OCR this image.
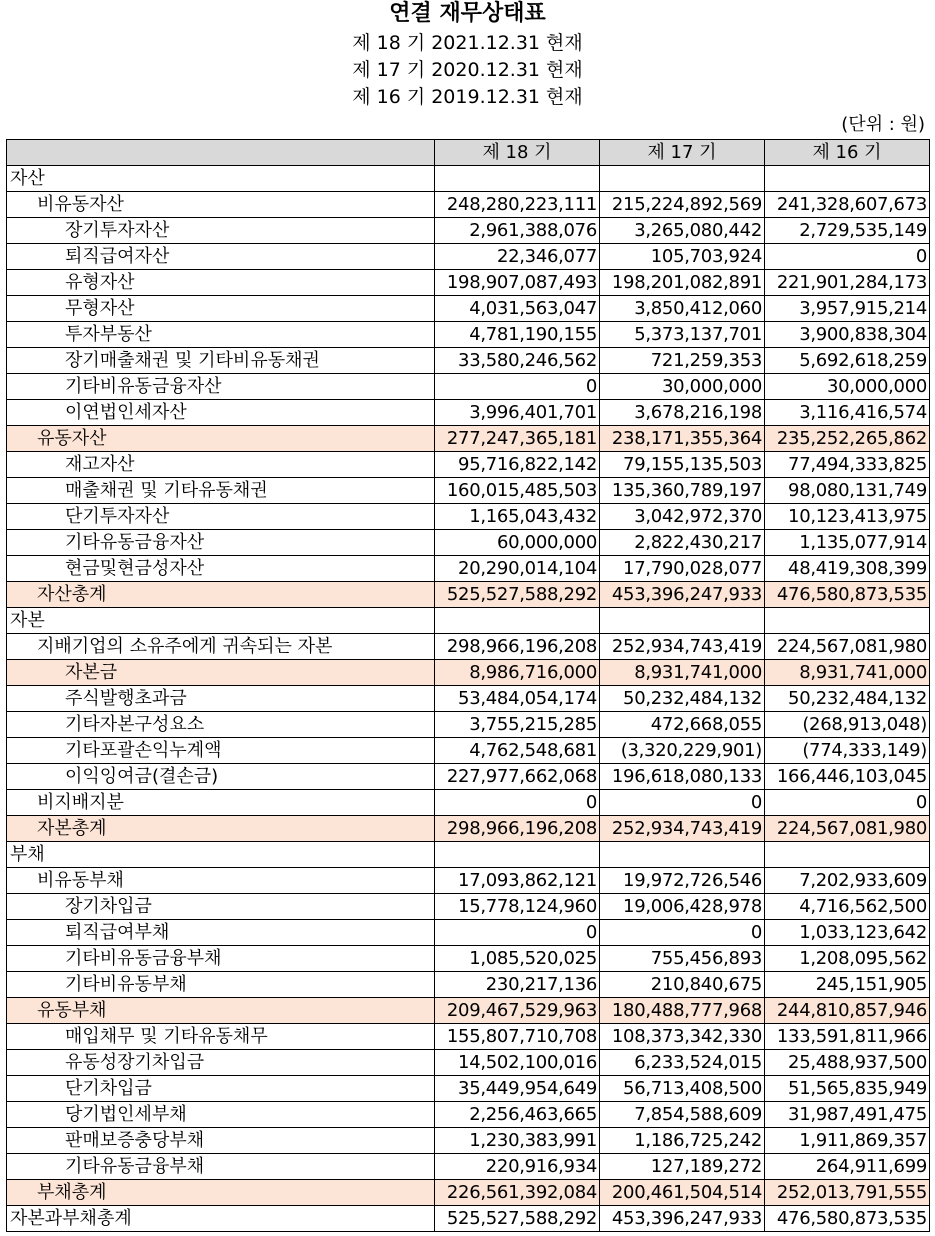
연결 재무상태표
제 18 기 2021.12.31 현재
제 17 기 2020.12.31 현재
제 16 기 2019.12.31 현재
(단위 : 원)
	제 18 기	제 17 기	제 16 기
자산			
비유동자산	248,280,223,111	215,224,892,569	241,328,607,673
장기투자자산	2,961,388,076	3,265,080,442	2,729,535,149
퇴직급여자산	22,346,077	105,703,924	0
유형자산	198,907,087,493	198,201,082,891	221,901,284,173
무형자산	4,031,563,047	3,850,412,060	3,957,915,214
투자부동산	4,781,190,155	5,373,137,701	3,900,838,304
장기매출채권 및 기타비유동채권	33,580,246,562	721,259,353	5,692,618,259
기타비유동금융자산	0	30,000,000	30,000,000
이연법인세자산	3,996,401,701	3,678,216,198	3,116,416,574
유동자산	277,247,365,181	238,171,355,364	235,252,265,862
재고자산	95,716,822,142	79,155,135,503	77,494,333,825
매출채권 및 기타유동채권	160,015,485,503	135,360,789,197	98,080,131,749
단기투자자산	1,165,043,432	3,042,972,370	10,123,413,975
기타유동금융자산	60,000,000	2,822,430,217	1,135,077,914
현금및현금성자산	20,290,014,104	17,790,028,077	48,419,308,399
자산총계	525,527,588,292	453,396,247,933	476,580,873,535
자본			
지배기업의 소유주에게 귀속되는 자본	298,966,196,208	252,934,743,419	224,567,081,980
자본금	8,986,716,000	8,931,741,000	8,931,741,000
주식발행초과금	53,484,054,174	50,232,484,132	50,232,484,132
기타자본구성요소	3,755,215,285	472,668,055	(268,913,048)
기타포괄손익누계액	4,762,548,681	(3,320,229,901)	(774,333,149)
이익잉여금(결손금)	227,977,662,068	196,618,080,133	166,446,103,045
비지배지분	0	0	0
자본총계	298,966,196,208	252,934,743,419	224,567,081,980
부채			
비유동부채	17,093,862,121	19,972,726,546	7,202,933,609
장기차입금	15,778,124,960	19,006,428,978	4,716,562,500
퇴직급여부채	0	0	1,033,123,642
기타비유동금융부채	1,085,520,025	755,456,893	1,208,095,562
기타비유동부채	230,217,136	210,840,675	245,151,905
유동부채	209,467,529,963	180,488,777,968	244,810,857,946
매입채무 및 기타유동채무	155,807,710,708	108,373,342,330	133,591,811,966
유동성장기차입금	14,502,100,016	6,233,524,015	25,488,937,500
단기차입금	35,449,954,649	56,713,408,500	51,565,835,949
당기법인세부채	2,256,463,665	7,854,588,609	31,987,491,475
판매보증충당부채	1,230,383,991	1,186,725,242	1,911,869,357
기타유동금융부채	220,916,934	127,189,272	264,911,699
부채총계	226,561,392,084	200,461,504,514	252,013,791,555
자본과부채총계	525,527,588,292	453,396,247,933	476,580,873,535
